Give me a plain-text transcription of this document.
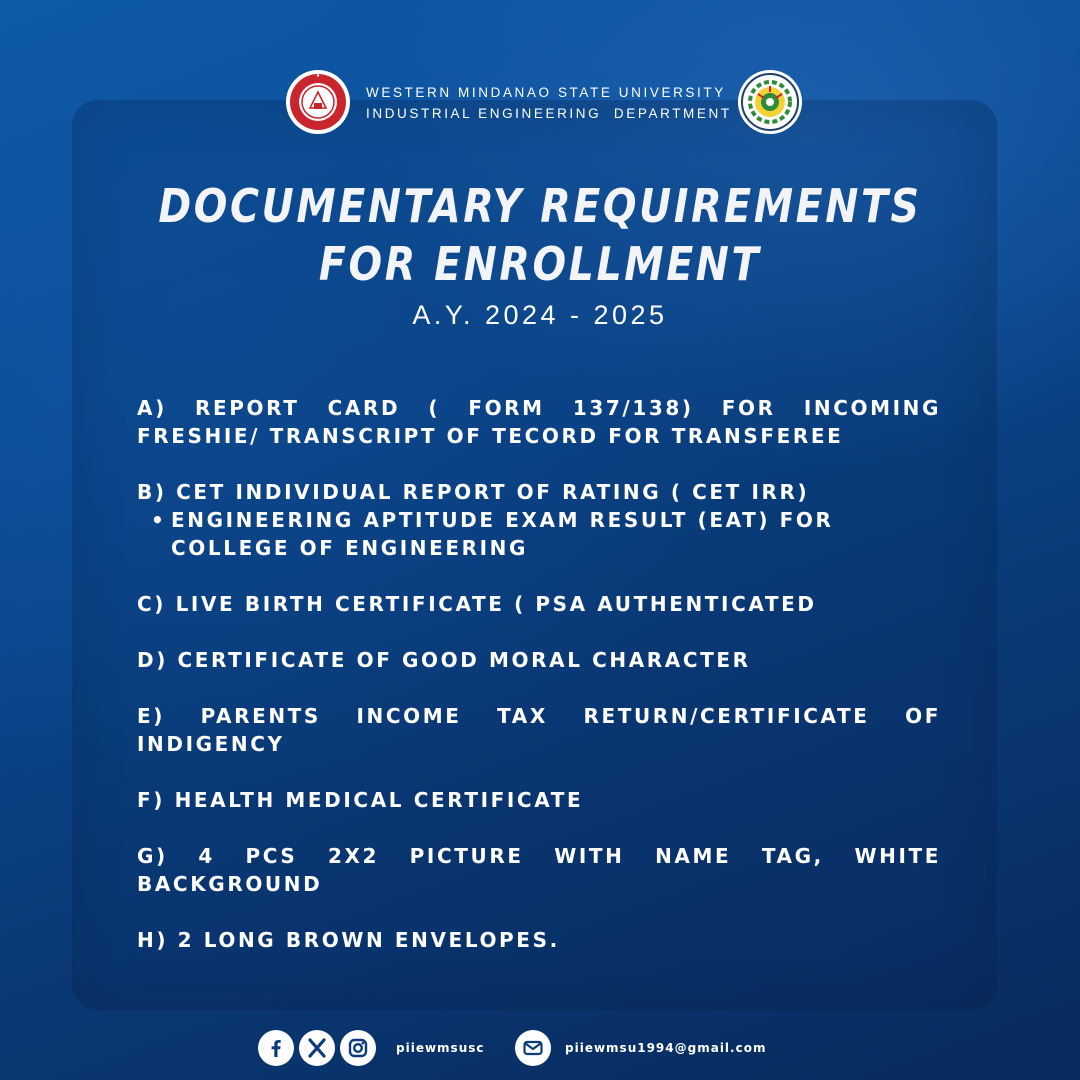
WESTERN MINDANAO STATE UNIVERSITY
INDUSTRIAL ENGINEERING  DEPARTMENT
DOCUMENTARY REQUIREMENTS
FOR ENROLLMENT
A.Y. 2024 - 2025
A) REPORT CARD ( FORM 137/138) FOR INCOMING FRESHIE/ TRANSCRIPT OF TECORD FOR TRANSFEREE
B) CET INDIVIDUAL REPORT OF RATING ( CET IRR)
• ENGINEERING APTITUDE EXAM RESULT (EAT) FOR COLLEGE OF ENGINEERING
C) LIVE BIRTH CERTIFICATE ( PSA AUTHENTICATED
D) CERTIFICATE OF GOOD MORAL CHARACTER
E) PARENTS INCOME TAX RETURN/CERTIFICATE OF INDIGENCY
F) HEALTH MEDICAL CERTIFICATE
G) 4 PCS 2X2 PICTURE WITH NAME TAG, WHITE BACKGROUND
H) 2 LONG BROWN ENVELOPES.
piiewmsusc	piiewmsu1994@gmail.com
